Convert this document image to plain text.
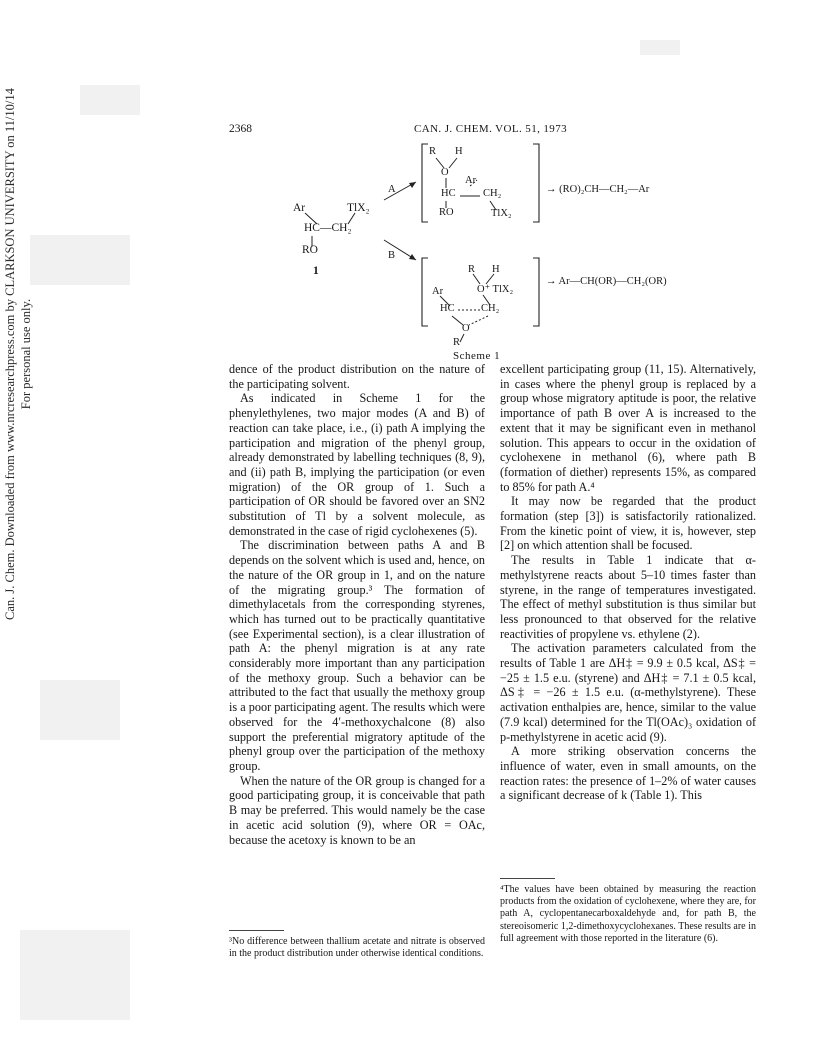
Can. J. Chem. Downloaded from www.nrcresearchpress.com by CLARKSON UNIVERSITY on 11/10/14 For personal use only.
2368	CAN. J. CHEM. VOL. 51, 1973
Ar	TlX₂
HC—CH₂
RO
1
A
R H
O
Ar
HC	CH₂
RO	TlX₂
→ (RO)₂CH—CH₂—Ar
B
R H
Ar	O⁺ TlX₂
HC	CH₂
O
R
→ Ar—CH(OR)—CH₂(OR)
Scheme 1

dence of the product distribution on the nature of the participating solvent.

As indicated in Scheme 1 for the phenylethylenes, two major modes (A and B) of reaction can take place, i.e., (i) path A implying the participation and migration of the phenyl group, already demonstrated by labelling techniques (8, 9), and (ii) path B, implying the participation (or even migration) of the OR group of 1. Such a participation of OR should be favored over an SN2 substitution of Tl by a solvent molecule, as demonstrated in the case of rigid cyclohexenes (5).

The discrimination between paths A and B depends on the solvent which is used and, hence, on the nature of the OR group in 1, and on the nature of the migrating group.³ The formation of dimethylacetals from the corresponding styrenes, which has turned out to be practically quantitative (see Experimental section), is a clear illustration of path A: the phenyl migration is at any rate considerably more important than any participation of the methoxy group. Such a behavior can be attributed to the fact that usually the methoxy group is a poor participating agent. The results which were observed for the 4′-methoxychalcone (8) also support the preferential migratory aptitude of the phenyl group over the participation of the methoxy group.

When the nature of the OR group is changed for a good participating group, it is conceivable that path B may be preferred. This would namely be the case in acetic acid solution (9), where OR = OAc, because the acetoxy is known to be an

excellent participating group (11, 15). Alternatively, in cases where the phenyl group is replaced by a group whose migratory aptitude is poor, the relative importance of path B over A is increased to the extent that it may be significant even in methanol solution. This appears to occur in the oxidation of cyclohexene in methanol (6), where path B (formation of diether) represents 15%, as compared to 85% for path A.⁴

It may now be regarded that the product formation (step [3]) is satisfactorily rationalized. From the kinetic point of view, it is, however, step [2] on which attention shall be focused.

The results in Table 1 indicate that α-methylstyrene reacts about 5–10 times faster than styrene, in the range of temperatures investigated. The effect of methyl substitution is thus similar but less pronounced to that observed for the relative reactivities of propylene vs. ethylene (2).

The activation parameters calculated from the results of Table 1 are ΔH‡ = 9.9 ± 0.5 kcal, ΔS‡ = −25 ± 1.5 e.u. (styrene) and ΔH‡ = 7.1 ± 0.5 kcal, ΔS‡ = −26 ± 1.5 e.u. (α-methylstyrene). These activation enthalpies are, hence, similar to the value (7.9 kcal) determined for the Tl(OAc)₃ oxidation of p-methylstyrene in acetic acid (9).

A more striking observation concerns the influence of water, even in small amounts, on the reaction rates: the presence of 1–2% of water causes a significant decrease of k (Table 1). This

³No difference between thallium acetate and nitrate is observed in the product distribution under otherwise identical conditions.
⁴The values have been obtained by measuring the reaction products from the oxidation of cyclohexene, where they are, for path A, cyclopentanecarboxaldehyde and, for path B, the stereoisomeric 1,2-dimethoxycyclohexanes. These results are in full agreement with those reported in the literature (6).
